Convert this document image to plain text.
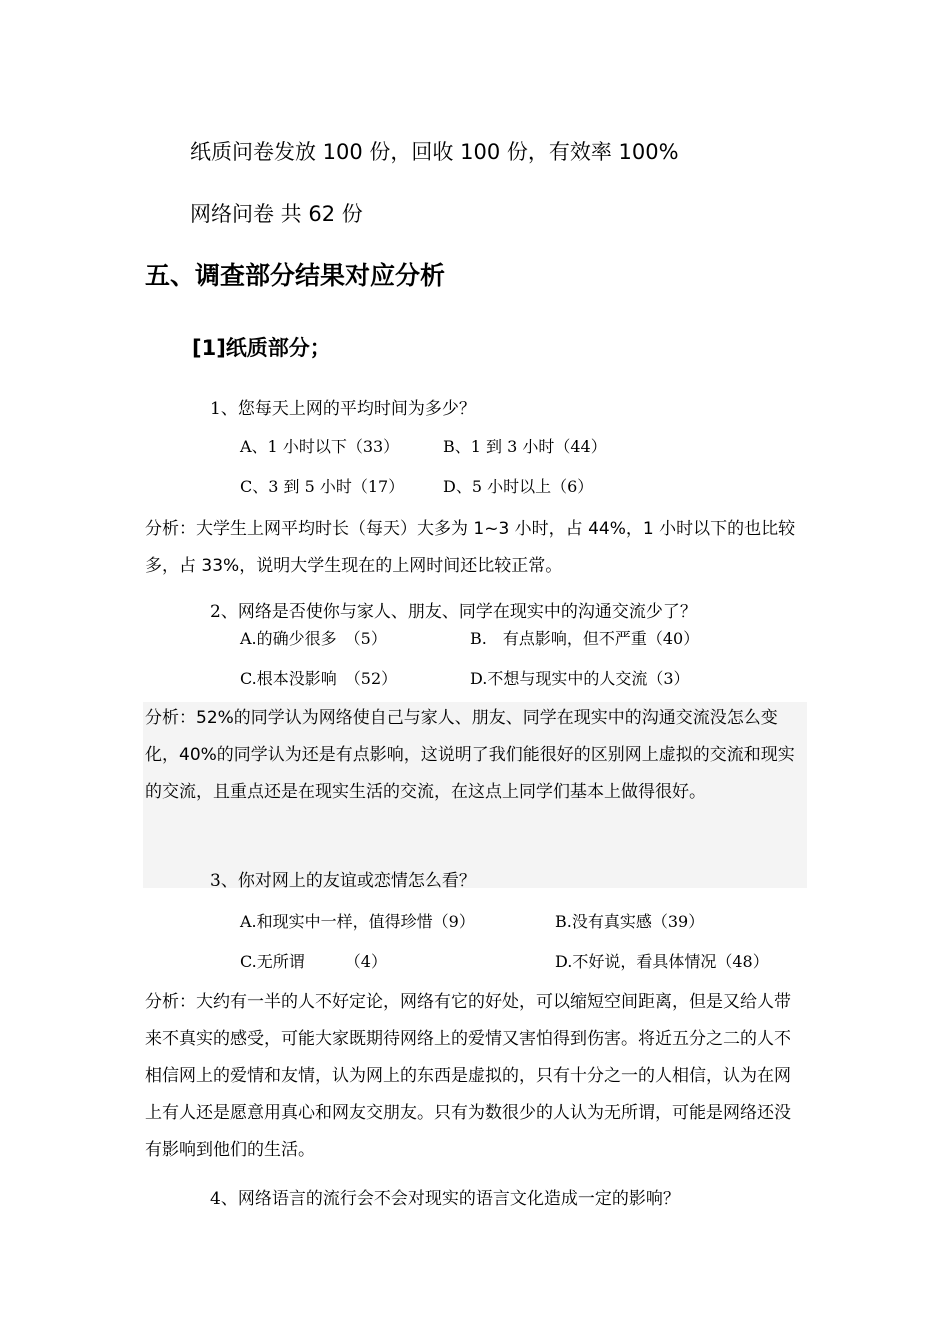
纸质问卷发放 100 份，回收 100 份，有效率 100%
网络问卷 共 62 份
五、调查部分结果对应分析
[1]纸质部分；
1、您每天上网的平均时间为多少？
A、1 小时以下（33）	B、1 到 3 小时（44）
C、3 到 5 小时（17） D、5 小时以上（6）
分析：大学生上网平均时长（每天）大多为 1~3 小时，占 44%，1 小时以下的也比较多，占 33%，说明大学生现在的上网时间还比较正常。
2、网络是否使你与家人、朋友、同学在现实中的沟通交流少了？
A.的确少很多　（5）	B.　有点影响，但不严重（40）
C.根本没影响　（52）	D.不想与现实中的人交流（3）
分析：52%的同学认为网络使自己与家人、朋友、同学在现实中的沟通交流没怎么变化，40%的同学认为还是有点影响，这说明了我们能很好的区别网上虚拟的交流和现实的交流，且重点还是在现实生活的交流，在这点上同学们基本上做得很好。
3、你对网上的友谊或恋情怎么看？
A.和现实中一样，值得珍惜（9）	B.没有真实感（39）
C.无所谓　　　（4）	D.不好说，看具体情况（48）
分析：大约有一半的人不好定论，网络有它的好处，可以缩短空间距离，但是又给人带来不真实的感受，可能大家既期待网络上的爱情又害怕得到伤害。将近五分之二的人不相信网上的爱情和友情，认为网上的东西是虚拟的，只有十分之一的人相信，认为在网上有人还是愿意用真心和网友交朋友。只有为数很少的人认为无所谓，可能是网络还没有影响到他们的生活。
4、网络语言的流行会不会对现实的语言文化造成一定的影响？
